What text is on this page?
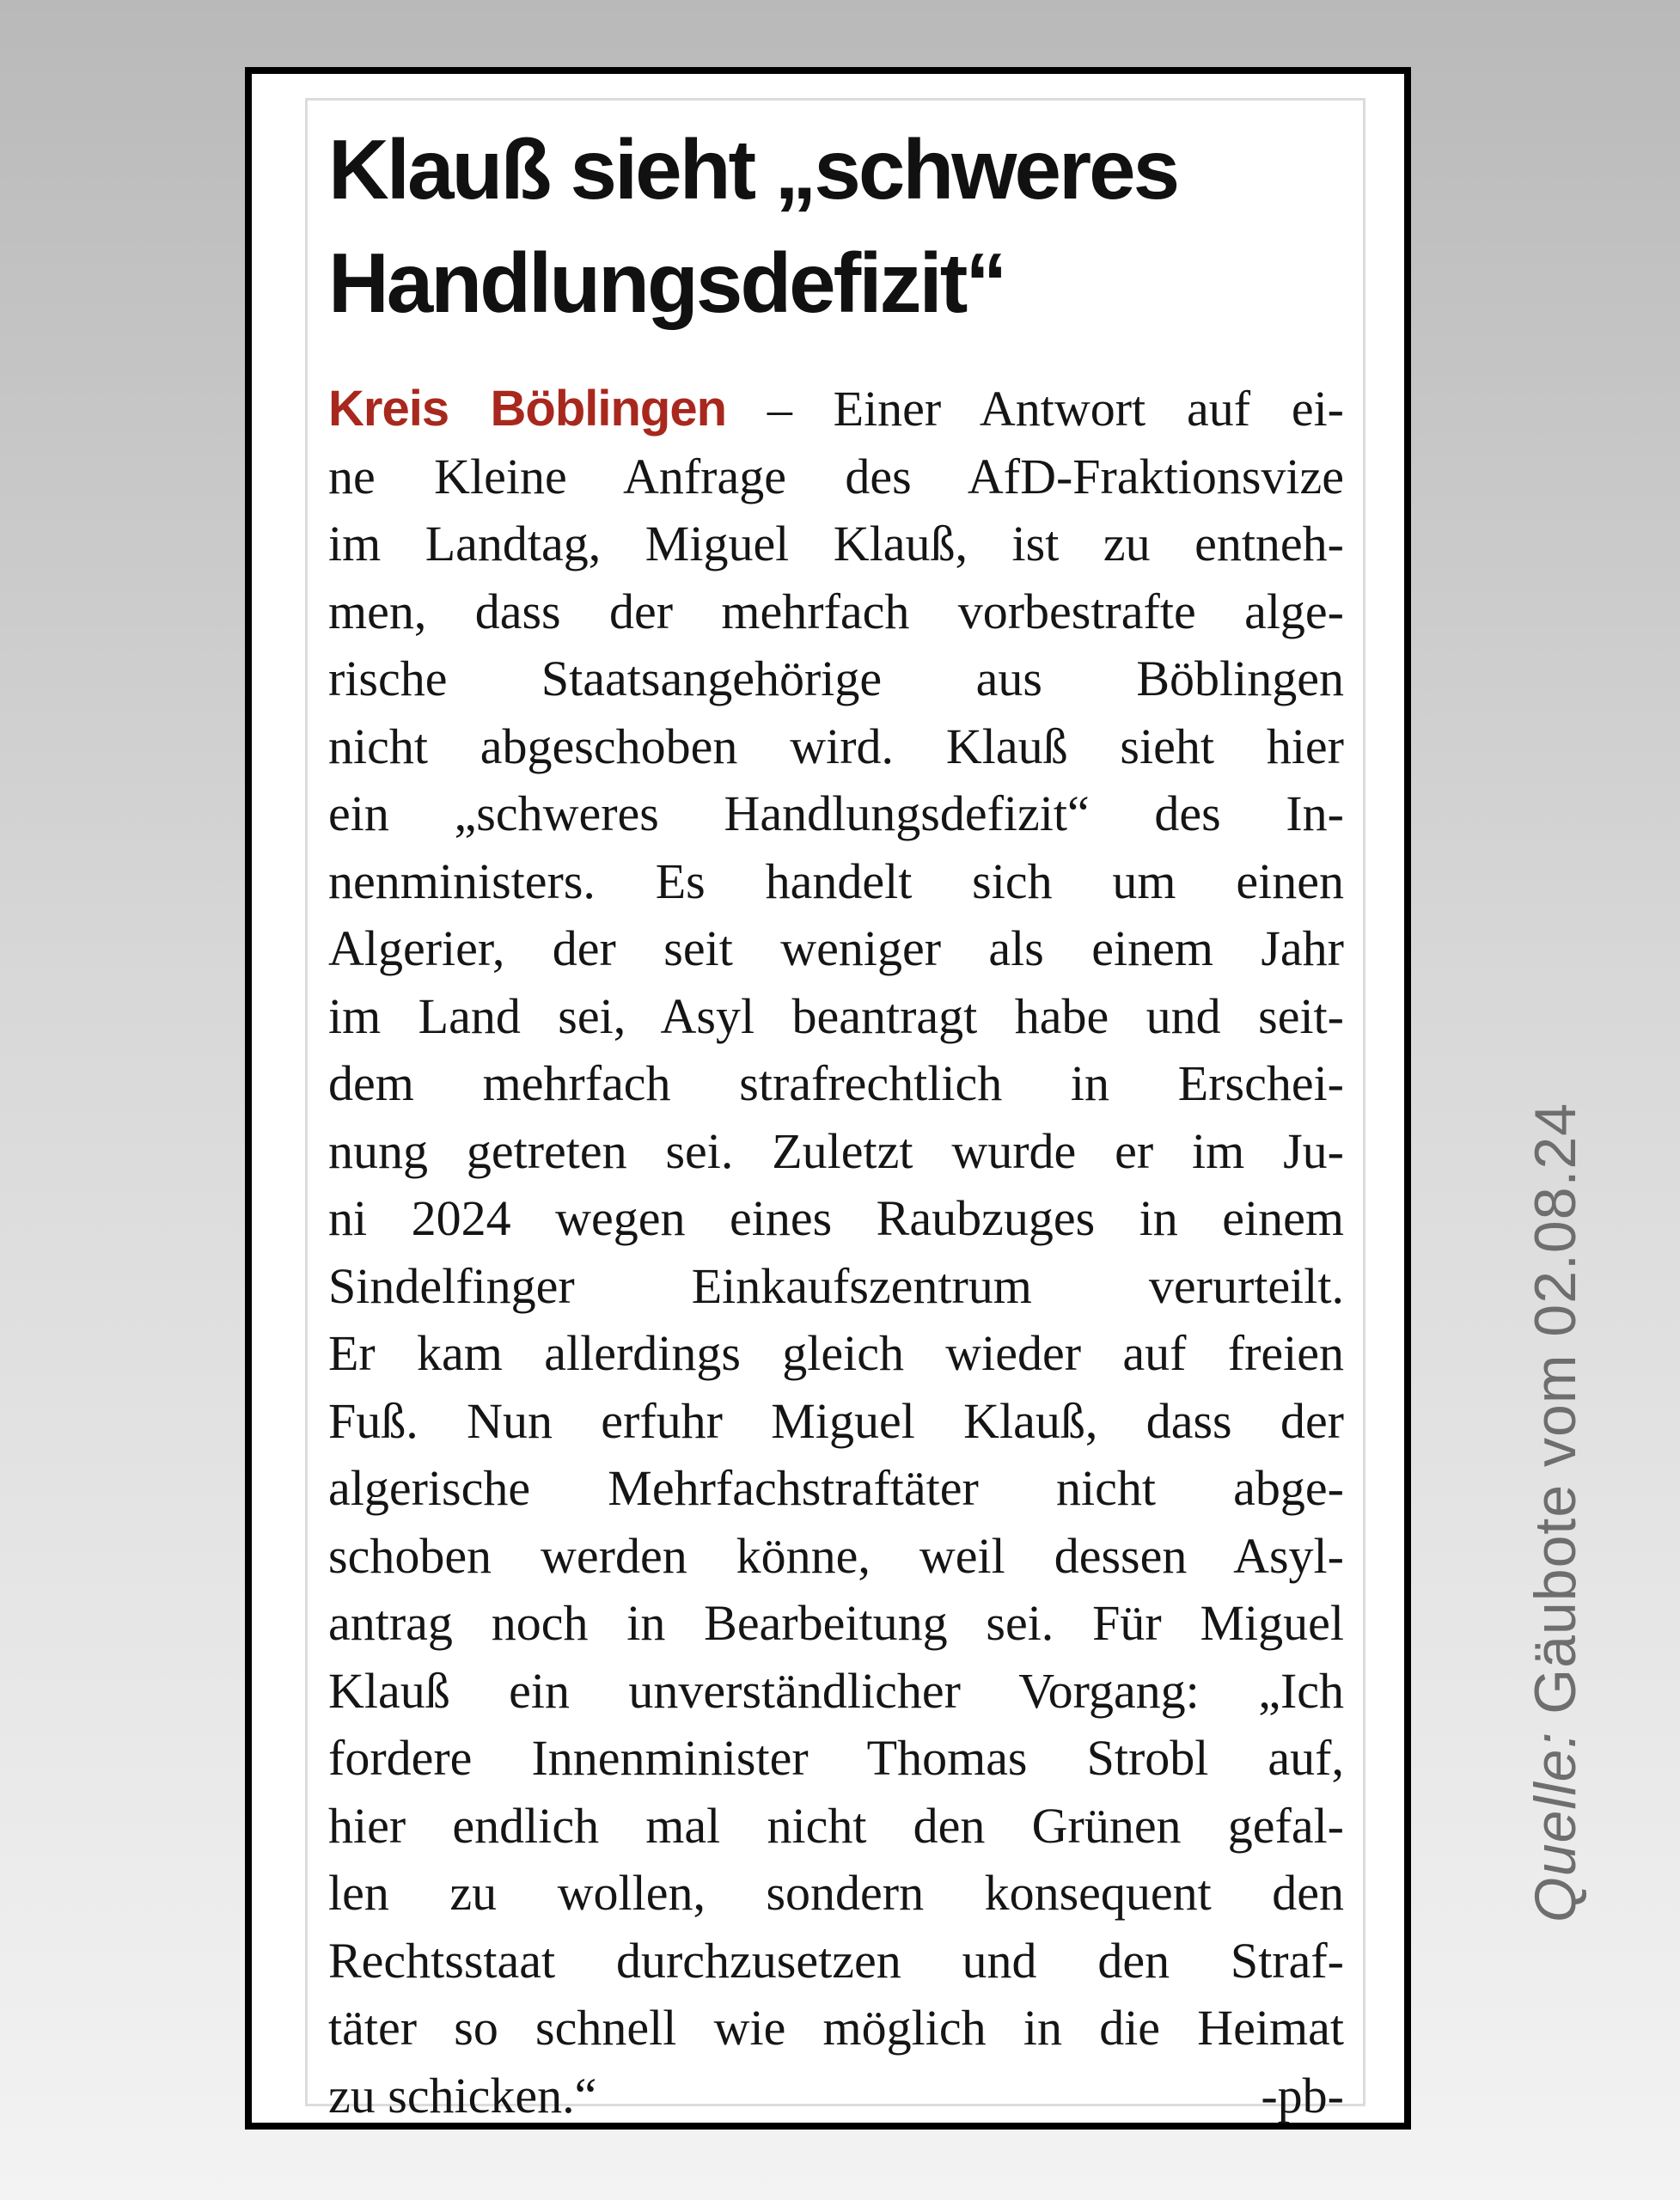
Klauß sieht „schweres
Handlungsdefizit“
Kreis Böblingen – Einer Antwort auf ei-
ne Kleine Anfrage des AfD-Fraktionsvize
im Landtag, Miguel Klauß, ist zu entneh-
men, dass der mehrfach vorbestrafte alge-
rische Staatsangehörige aus Böblingen
nicht abgeschoben wird. Klauß sieht hier
ein „schweres Handlungsdefizit“ des In-
nenministers. Es handelt sich um einen
Algerier, der seit weniger als einem Jahr
im Land sei, Asyl beantragt habe und seit-
dem mehrfach strafrechtlich in Erschei-
nung getreten sei. Zuletzt wurde er im Ju-
ni 2024 wegen eines Raubzuges in einem
Sindelfinger Einkaufszentrum verurteilt.
Er kam allerdings gleich wieder auf freien
Fuß. Nun erfuhr Miguel Klauß, dass der
algerische Mehrfachstraftäter nicht abge-
schoben werden könne, weil dessen Asyl-
antrag noch in Bearbeitung sei. Für Miguel
Klauß ein unverständlicher Vorgang: „Ich
fordere Innenminister Thomas Strobl auf,
hier endlich mal nicht den Grünen gefal-
len zu wollen, sondern konsequent den
Rechtsstaat durchzusetzen und den Straf-
täter so schnell wie möglich in die Heimat
zu schicken.“	-pb-
Quelle: Gäubote vom 02.08.24
